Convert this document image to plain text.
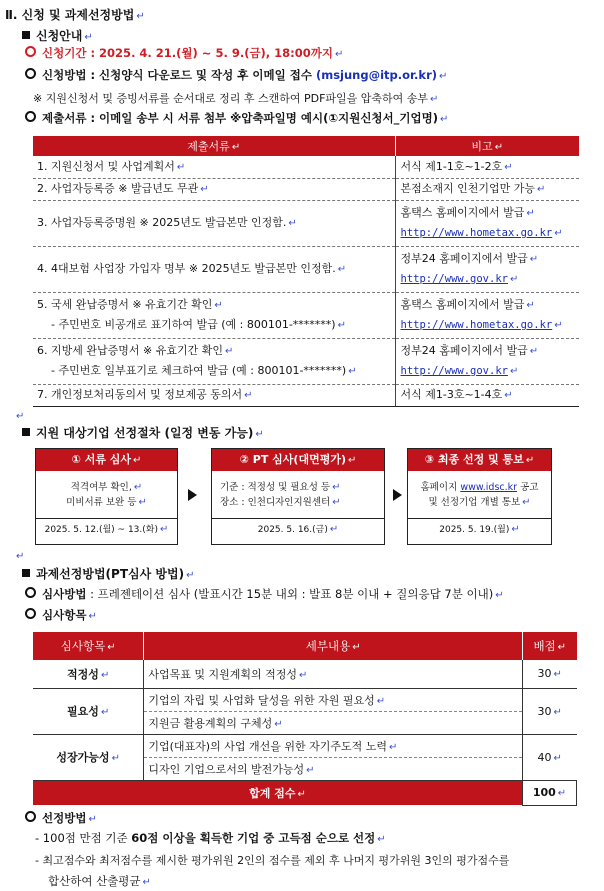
Ⅱ. 신청 및 과제선정방법 ↵
신청안내 ↵
신청기간 : 2025. 4. 21.(월) ~ 5. 9.(금), 18:00까지 ↵
신청방법 : 신청양식 다운로드 및 작성 후 이메일 접수 (msjung@itp.or.kr) ↵
※ 지원신청서 및 증빙서류를 순서대로 정리 후 스캔하여 PDF파일을 압축하여 송부 ↵
제출서류 : 이메일 송부 시 서류 첨부 ※압축파일명 예시(①지원신청서_기업명) ↵
제출서류 ↵	비고 ↵
1. 지원신청서 및 사업계획서 ↵	서식 제1-1호~1-2호 ↵
2. 사업자등록증 ※ 발급년도 무관 ↵	본점소재지 인천기업만 가능 ↵
3. 사업자등록증명원 ※ 2025년도 발급본만 인정함. ↵	홈택스 홈페이지에서 발급 ↵
http://www.hometax.go.kr ↵
4. 4대보험 사업장 가입자 명부 ※ 2025년도 발급본만 인정함. ↵	정부24 홈페이지에서 발급 ↵
http://www.gov.kr ↵
5. 국세 완납증명서 ※ 유효기간 확인 ↵
- 주민번호 비공개로 표기하여 발급 (예 : 800101-*******) ↵	홈택스 홈페이지에서 발급 ↵
http://www.hometax.go.kr ↵
6. 지방세 완납증명서 ※ 유효기간 확인 ↵
- 주민번호 일부표기로 체크하여 발급 (예 : 800101-*******) ↵	정부24 홈페이지에서 발급 ↵
http://www.gov.kr ↵
7. 개인정보처리동의서 및 정보제공 동의서 ↵	서식 제1-3호~1-4호 ↵
↵
지원 대상기업 선정절차 (일정 변동 가능) ↵
① 서류 심사 ↵
적격여부 확인, ↵
미비서류 보완 등 ↵
2025. 5. 12.(월) ~ 13.(화) ↵
② PT 심사(대면평가) ↵
기준 : 적정성 및 필요성 등 ↵
장소 : 인천디자인지원센터 ↵
2025. 5. 16.(금) ↵
③ 최종 선정 및 통보 ↵
홈페이지 www.idsc.kr 공고
및 선정기업 개별 통보 ↵
2025. 5. 19.(월) ↵
↵
과제선정방법(PT심사 방법) ↵
심사방법 : 프레젠테이션 심사 (발표시간 15분 내외 : 발표 8분 이내 + 질의응답 7분 이내) ↵
심사항목 ↵
심사항목 ↵	세부내용 ↵	배점 ↵
적정성 ↵	사업목표 및 지원계획의 적정성 ↵	30 ↵
필요성 ↵	기업의 자립 및 사업화 달성을 위한 자원 필요성 ↵	30 ↵
	지원금 활용계획의 구체성 ↵	
성장가능성 ↵	기업(대표자)의 사업 개선을 위한 자기주도적 노력 ↵	40 ↵
	디자인 기업으로서의 발전가능성 ↵	
합계 점수 ↵		100 ↵
선정방법 ↵
- 100점 만점 기준 60점 이상을 획득한 기업 중 고득점 순으로 선정 ↵
- 최고점수와 최저점수를 제시한 평가위원 2인의 점수를 제외 후 나머지 평가위원 3인의 평가점수를
합산하여 산출평균 ↵
